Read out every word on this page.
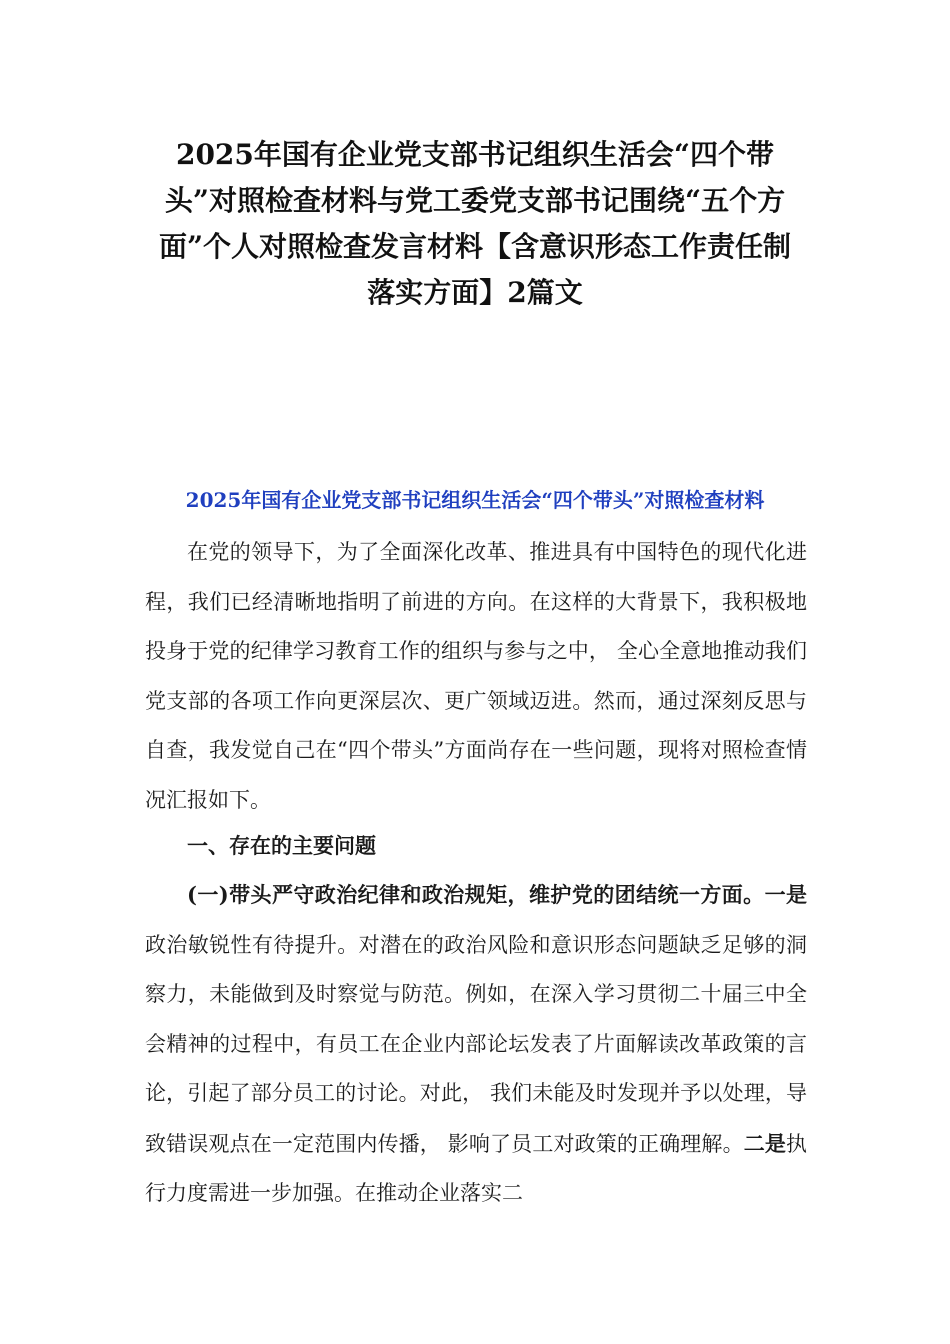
2025年国有企业党支部书记组织生活会“四个带头”对照检查材料与党工委党支部书记围绕“五个方面”个人对照检查发言材料【含意识形态工作责任制落实方面】2篇文
2025年国有企业党支部书记组织生活会“四个带头”对照检查材料

在党的领导下，为了全面深化改革、推进具有中国特色的现代化进程，我们已经清晰地指明了前进的方向。在这样的大背景下，我积极地投身于党的纪律学习教育工作的组织与参与之中， 全心全意地推动我们党支部的各项工作向更深层次、更广领域迈进。然而，通过深刻反思与自查，我发觉自己在“四个带头”方面尚存在一些问题，现将对照检查情况汇报如下。

一、存在的主要问题

(一)带头严守政治纪律和政治规矩，维护党的团结统一方面。一是政治敏锐性有待提升。对潜在的政治风险和意识形态问题缺乏足够的洞察力，未能做到及时察觉与防范。例如，在深入学习贯彻二十届三中全会精神的过程中，有员工在企业内部论坛发表了片面解读改革政策的言论，引起了部分员工的讨论。对此， 我们未能及时发现并予以处理，导致错误观点在一定范围内传播， 影响了员工对政策的正确理解。二是执行力度需进一步加强。在推动企业落实二
